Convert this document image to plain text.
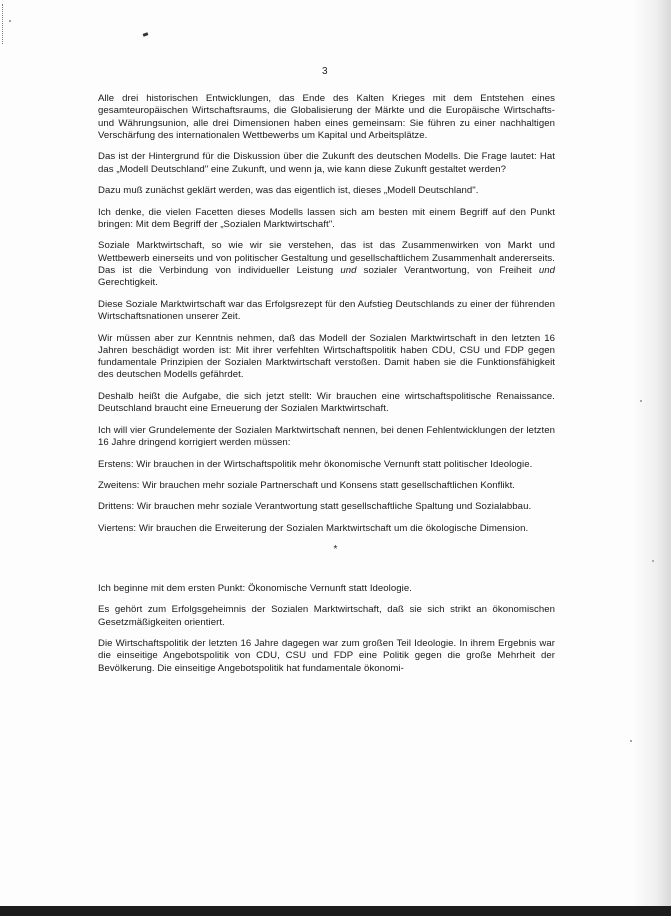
3

Alle drei historischen Entwicklungen, das Ende des Kalten Krieges mit dem Entstehen eines gesamteuropäischen Wirtschaftsraums, die Globalisierung der Märkte und die Europäische Wirtschafts- und Währungsunion, alle drei Dimensionen haben eines gemeinsam: Sie führen zu einer nachhaltigen Verschärfung des internationalen Wettbewerbs um Kapital und Arbeitsplätze.

Das ist der Hintergrund für die Diskussion über die Zukunft des deutschen Modells. Die Frage lautet: Hat das „Modell Deutschland" eine Zukunft, und wenn ja, wie kann diese Zukunft gestaltet werden?

Dazu muß zunächst geklärt werden, was das eigentlich ist, dieses „Modell Deutschland".

Ich denke, die vielen Facetten dieses Modells lassen sich am besten mit einem Begriff auf den Punkt bringen: Mit dem Begriff der „Sozialen Marktwirtschaft".

Soziale Marktwirtschaft, so wie wir sie verstehen, das ist das Zusammenwirken von Markt und Wettbewerb einerseits und von politischer Gestaltung und gesellschaftlichem Zusammenhalt andererseits. Das ist die Verbindung von individueller Leistung und sozialer Verantwortung, von Freiheit und Gerechtigkeit.

Diese Soziale Marktwirtschaft war das Erfolgsrezept für den Aufstieg Deutschlands zu einer der führenden Wirtschaftsnationen unserer Zeit.

Wir müssen aber zur Kenntnis nehmen, daß das Modell der Sozialen Marktwirtschaft in den letzten 16 Jahren beschädigt worden ist: Mit ihrer verfehlten Wirtschaftspolitik haben CDU, CSU und FDP gegen fundamentale Prinzipien der Sozialen Marktwirtschaft verstoßen. Damit haben sie die Funktionsfähigkeit des deutschen Modells gefährdet.

Deshalb heißt die Aufgabe, die sich jetzt stellt: Wir brauchen eine wirtschaftspolitische Renaissance. Deutschland braucht eine Erneuerung der Sozialen Marktwirtschaft.

Ich will vier Grundelemente der Sozialen Marktwirtschaft nennen, bei denen Fehlentwicklungen der letzten 16 Jahre dringend korrigiert werden müssen:

Erstens: Wir brauchen in der Wirtschaftspolitik mehr ökonomische Vernunft statt politischer Ideologie.

Zweitens: Wir brauchen mehr soziale Partnerschaft und Konsens statt gesellschaftlichen Konflikt.

Drittens: Wir brauchen mehr soziale Verantwortung statt gesellschaftliche Spaltung und Sozialabbau.

Viertens: Wir brauchen die Erweiterung der Sozialen Marktwirtschaft um die ökologische Dimension.

*

Ich beginne mit dem ersten Punkt: Ökonomische Vernunft statt Ideologie.

Es gehört zum Erfolgsgeheimnis der Sozialen Marktwirtschaft, daß sie sich strikt an ökonomischen Gesetzmäßigkeiten orientiert.

Die Wirtschaftspolitik der letzten 16 Jahre dagegen war zum großen Teil Ideologie. In ihrem Ergebnis war die einseitige Angebotspolitik von CDU, CSU und FDP eine Politik gegen die große Mehrheit der Bevölkerung. Die einseitige Angebotspolitik hat fundamentale ökonomi-
